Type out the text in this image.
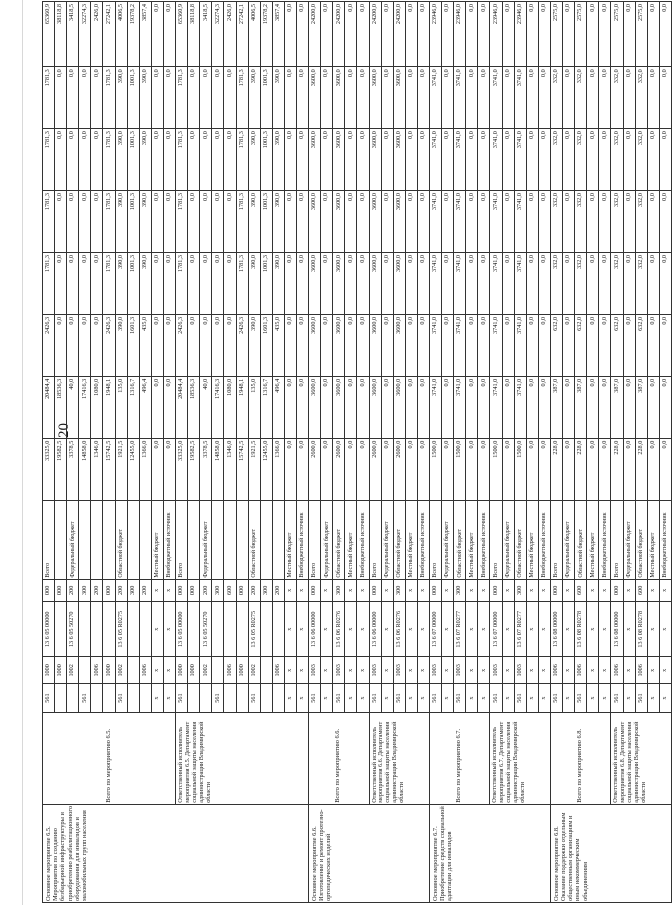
20
Основное мероприятие 6.5. Мероприятия по созданию безбарьерной инфраструктуры и приобретению реабилитационного оборудования для инвалидов и маломобильных групп населения	Всего по мероприятию 6.5.	561	1000	13 6 05 00000	000	Всего	33325,0	20484,4	2426,3	1781,3	1781,3	1781,3	1781,3	65360,9
			1000		000		19582,5	18536,3	0,0	0,0	0,0	0,0	0,0	38118,8
			1002	13 6 05 50270	200	Федеральный бюджет	3378,5	40,0	0,0	0,0	0,0	0,0	0,0	3418,5
		561			300		14858,0	17416,3	0,0	0,0	0,0	0,0	0,0	32274,3
			1006		200		1346,0	1080,0	0,0	0,0	0,0	0,0	0,0	2426,0
			1000		000		15742,5	1948,1	2426,3	1781,3	1781,3	1781,3	1781,3	27242,1
		561	1002	13 6 05 R0275	200	Областной бюджет	1921,5	135,0	390,0	390,0	390,0	390,0	390,0	4006,5
					300		12455,0	1316,7	1601,3	1001,3	1001,3	1001,3	1001,3	19378,2
			1006		200		1366,0	496,4	435,0	390,0	390,0	390,0	390,0	3857,4
		x	x	x	x	Местный бюджет	0,0	0,0	0,0	0,0	0,0	0,0	0,0	0,0
		x	x	x	x	Внебюджетный источник	0,0	0,0	0,0	0,0	0,0	0,0	0,0	0,0
	Ответственный исполнитель мероприятия 6.5. Департамент социальной защиты населения администрации Владимирской области	561	1000	13 6 05 00000	000	Всего	33325,0	20484,4	2426,3	1781,3	1781,3	1781,3	1781,3	65360,9
			1000		000		19582,5	18536,3	0,0	0,0	0,0	0,0	0,0	38118,8
			1002	13 6 05 50270	200	Федеральный бюджет	3378,5	40,0	0,0	0,0	0,0	0,0	0,0	3418,5
		561			300		14858,0	17416,3	0,0	0,0	0,0	0,0	0,0	32274,3
			1006		600		1346,0	1080,0	0,0	0,0	0,0	0,0	0,0	2426,0
			1000		000		15742,5	1948,1	2426,3	1781,3	1781,3	1781,3	1781,3	27242,1
		561	1002	13 6 05 R0275	200	Областной бюджет	1921,5	135,0	390,0	390,0	390,0	390,0	390,0	4006,5
					300		12455,0	1316,7	1601,3	1001,3	1001,3	1001,3	1001,3	19378,2
			1006		200		1366,0	496,4	435,0	390,0	390,0	390,0	390,0	3857,4
		x	x	x	x	Местный бюджет	0,0	0,0	0,0	0,0	0,0	0,0	0,0	0,0
		x	x	x	x	Внебюджетный источник	0,0	0,0	0,0	0,0	0,0	0,0	0,0	0,0
Основное мероприятие 6.6. Изготовление и ремонт протезно-ортопедических изделий	Всего по мероприятию 6.6.	561	1003	13 6 06 00000	000	Всего	2600,0	3600,0	3600,0	3600,0	3600,0	3600,0	3600,0	24200,0
		x	x	x	x	Федеральный бюджет	0,0	0,0	0,0	0,0	0,0	0,0	0,0	0,0
		561	1003	13 6 06 R0276	300	Областной бюджет	2600,0	3600,0	3600,0	3600,0	3600,0	3600,0	3600,0	24200,0
		x	x	x	x	Местный бюджет	0,0	0,0	0,0	0,0	0,0	0,0	0,0	0,0
		x	x	x	x	Внебюджетный источник	0,0	0,0	0,0	0,0	0,0	0,0	0,0	0,0
	Ответственный исполнитель мероприятия 6.6. Департамент социальной защиты населения администрации Владимирской области	561	1003	13 6 06 00000	000	Всего	2600,0	3600,0	3600,0	3600,0	3600,0	3600,0	3600,0	24200,0
		x	x	x	x	Федеральный бюджет	0,0	0,0	0,0	0,0	0,0	0,0	0,0	0,0
		561	1003	13 6 06 R0276	300	Областной бюджет	2600,0	3600,0	3600,0	3600,0	3600,0	3600,0	3600,0	24200,0
		x	x	x	x	Местный бюджет	0,0	0,0	0,0	0,0	0,0	0,0	0,0	0,0
		x	x	x	x	Внебюджетный источник	0,0	0,0	0,0	0,0	0,0	0,0	0,0	0,0
Основное мероприятие 6.7. Приобретение средств социальной адаптации для инвалидов	Всего по мероприятию 6.7.	561	1003	13 6 07 00000	000	Всего	1500,0	3741,0	3741,0	3741,0	3741,0	3741,0	3741,0	23946,0
		x	x	x	x	Федеральный бюджет	0,0	0,0	0,0	0,0	0,0	0,0	0,0	0,0
		561	1003	13 6 07 R0277	300	Областной бюджет	1500,0	3741,0	3741,0	3741,0	3741,0	3741,0	3741,0	23946,0
		x	x	x	x	Местный бюджет	0,0	0,0	0,0	0,0	0,0	0,0	0,0	0,0
		x	x	x	x	Внебюджетный источник	0,0	0,0	0,0	0,0	0,0	0,0	0,0	0,0
	Ответственный исполнитель мероприятия 6.7. Департамент социальной защиты населения администрации Владимирской области	561	1003	13 6 07 00000	000	Всего	1500,0	3741,0	3741,0	3741,0	3741,0	3741,0	3741,0	23946,0
		x	x	x	x	Федеральный бюджет	0,0	0,0	0,0	0,0	0,0	0,0	0,0	0,0
		561	1003	13 6 07 R0277	300	Областной бюджет	1500,0	3741,0	3741,0	3741,0	3741,0	3741,0	3741,0	23946,0
		x	x	x	x	Местный бюджет	0,0	0,0	0,0	0,0	0,0	0,0	0,0	0,0
		x	x	x	x	Внебюджетный источник	0,0	0,0	0,0	0,0	0,0	0,0	0,0	0,0
Основное мероприятие 6.8. Оказание поддержки отдельным общественным организациям и иным некоммерческим объединениям	Всего по мероприятию 6.8.	561	1006	13 6 08 00000	000	Всего	228,0	387,0	632,0	332,0	332,0	332,0	332,0	2575,0
		x	x	x	x	Федеральный бюджет	0,0	0,0	0,0	0,0	0,0	0,0	0,0	0,0
		561	1006	13 6 08 R0278	600	Областной бюджет	228,0	387,0	632,0	332,0	332,0	332,0	332,0	2575,0
		x	x	x	x	Местный бюджет	0,0	0,0	0,0	0,0	0,0	0,0	0,0	0,0
		x	x	x	x	Внебюджетный источник	0,0	0,0	0,0	0,0	0,0	0,0	0,0	0,0
	Ответственный исполнитель мероприятия 6.8. Департамент социальной защиты населения администрации Владимирской области	561	1006	13 6 08 00000	000	Всего	228,0	387,0	632,0	332,0	332,0	332,0	332,0	2575,0
		x	x	x	x	Федеральный бюджет	0,0	0,0	0,0	0,0	0,0	0,0	0,0	0,0
		561	1006	13 6 08 R0278	600	Областной бюджет	228,0	387,0	632,0	332,0	332,0	332,0	332,0	2575,0
		x	x	x	x	Местный бюджет	0,0	0,0	0,0	0,0	0,0	0,0	0,0	0,0
		x	x	x	x	Внебюджетный источник	0,0	0,0	0,0	0,0	0,0	0,0	0,0	0,0
